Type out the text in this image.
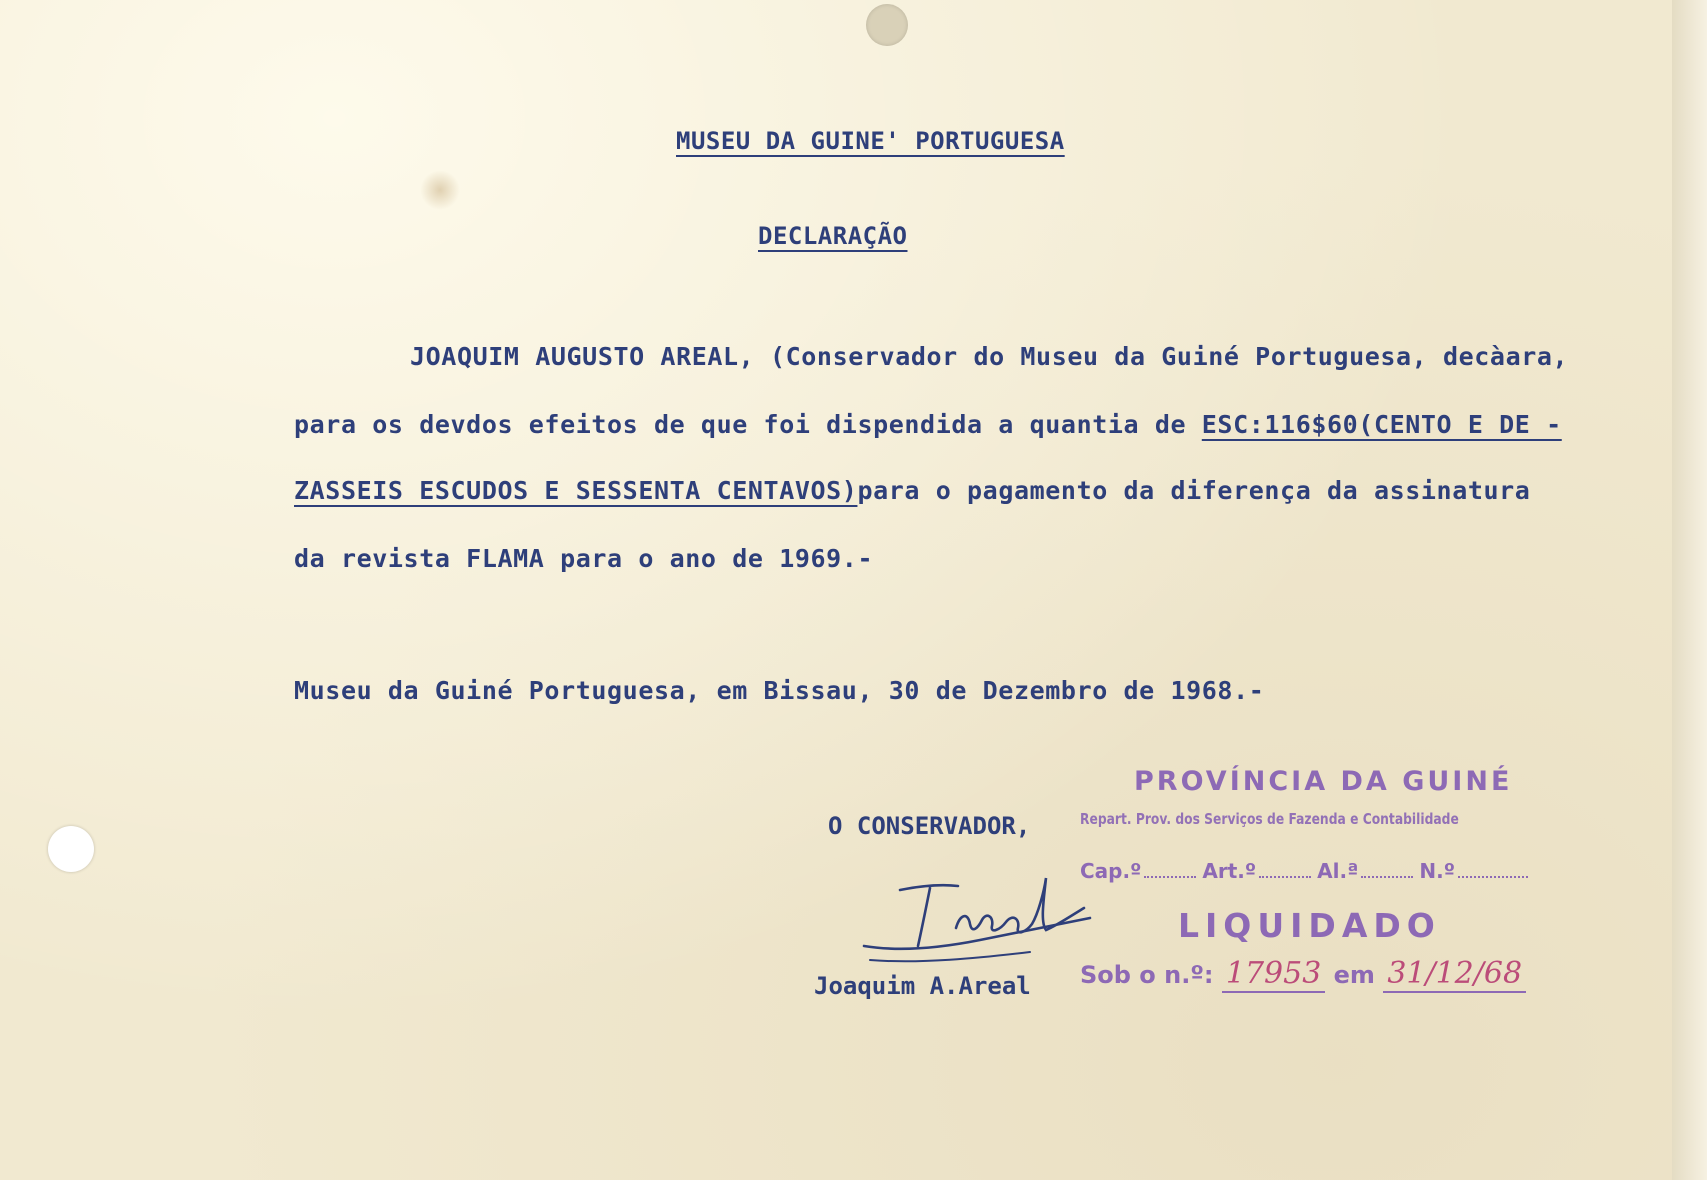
MUSEU DA GUINE' PORTUGUESA
DECLARAÇÃO
JOAQUIM AUGUSTO AREAL, (Conservador do Museu da Guiné Portuguesa, decàara,
para os devdos efeitos de que foi dispendida a quantia de ESC:116$60(CENTO E DE -
ZASSEIS ESCUDOS E SESSENTA CENTAVOS)para o pagamento da diferença da assinatura
da revista FLAMA para o ano de 1969.-
Museu da Guiné Portuguesa, em Bissau, 30 de Dezembro de 1968.-
O CONSERVADOR,
Joaquim A.Areal
PROVÍNCIA DA GUINÉ
Repart. Prov. dos Serviços de Fazenda e Contabilidade
Cap.º	Art.º	Al.ª	N.º
LIQUIDADO
Sob o n.º: 17953 em 31/12/68
